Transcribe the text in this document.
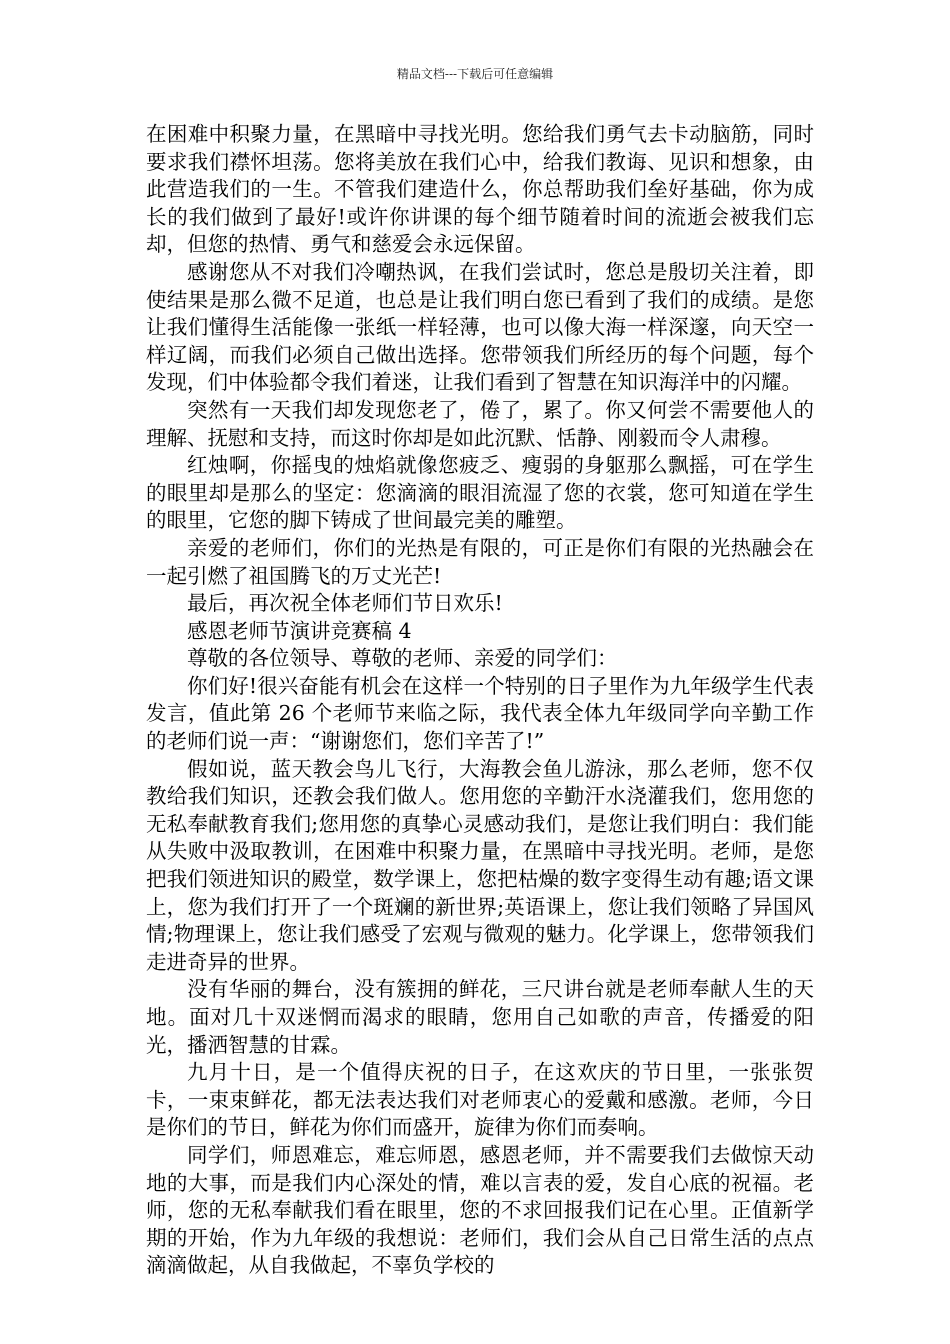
精品文档---下载后可任意编辑

在困难中积聚力量，在黑暗中寻找光明。您给我们勇气去卡动脑筋，同时要求我们襟怀坦荡。您将美放在我们心中，给我们教诲、见识和想象，由此营造我们的一生。不管我们建造什么，你总帮助我们垒好基础，你为成长的我们做到了最好!或许你讲课的每个细节随着时间的流逝会被我们忘却，但您的热情、勇气和慈爱会永远保留。

感谢您从不对我们冷嘲热讽，在我们尝试时，您总是殷切关注着，即使结果是那么微不足道，也总是让我们明白您已看到了我们的成绩。是您让我们懂得生活能像一张纸一样轻薄，也可以像大海一样深邃，向天空一样辽阔，而我们必须自己做出选择。您带领我们所经历的每个问题，每个发现，们中体验都令我们着迷，让我们看到了智慧在知识海洋中的闪耀。

突然有一天我们却发现您老了，倦了，累了。你又何尝不需要他人的理解、抚慰和支持，而这时你却是如此沉默、恬静、刚毅而令人肃穆。

红烛啊，你摇曳的烛焰就像您疲乏、瘦弱的身躯那么飘摇，可在学生的眼里却是那么的坚定：您滴滴的眼泪流湿了您的衣裳，您可知道在学生的眼里，它您的脚下铸成了世间最完美的雕塑。

亲爱的老师们，你们的光热是有限的，可正是你们有限的光热融会在一起引燃了祖国腾飞的万丈光芒!

最后，再次祝全体老师们节日欢乐!

感恩老师节演讲竞赛稿 4

尊敬的各位领导、尊敬的老师、亲爱的同学们：

你们好!很兴奋能有机会在这样一个特别的日子里作为九年级学生代表发言，值此第 26 个老师节来临之际，我代表全体九年级同学向辛勤工作的老师们说一声：“谢谢您们，您们辛苦了!”

假如说，蓝天教会鸟儿飞行，大海教会鱼儿游泳，那么老师，您不仅教给我们知识，还教会我们做人。您用您的辛勤汗水浇灌我们，您用您的无私奉献教育我们;您用您的真挚心灵感动我们，是您让我们明白：我们能从失败中汲取教训，在困难中积聚力量，在黑暗中寻找光明。老师，是您把我们领进知识的殿堂，数学课上，您把枯燥的数字变得生动有趣;语文课上，您为我们打开了一个斑斓的新世界;英语课上，您让我们领略了异国风情;物理课上，您让我们感受了宏观与微观的魅力。化学课上，您带领我们走进奇异的世界。

没有华丽的舞台，没有簇拥的鲜花，三尺讲台就是老师奉献人生的天地。面对几十双迷惘而渴求的眼睛，您用自己如歌的声音，传播爱的阳光，播洒智慧的甘霖。

九月十日，是一个值得庆祝的日子，在这欢庆的节日里，一张张贺卡，一束束鲜花，都无法表达我们对老师衷心的爱戴和感激。老师，今日是你们的节日，鲜花为你们而盛开，旋律为你们而奏响。

同学们，师恩难忘，难忘师恩，感恩老师，并不需要我们去做惊天动地的大事，而是我们内心深处的情，难以言表的爱，发自心底的祝福。老师，您的无私奉献我们看在眼里，您的不求回报我们记在心里。正值新学期的开始，作为九年级的我想说：老师们，我们会从自己日常生活的点点滴滴做起，从自我做起，不辜负学校的
